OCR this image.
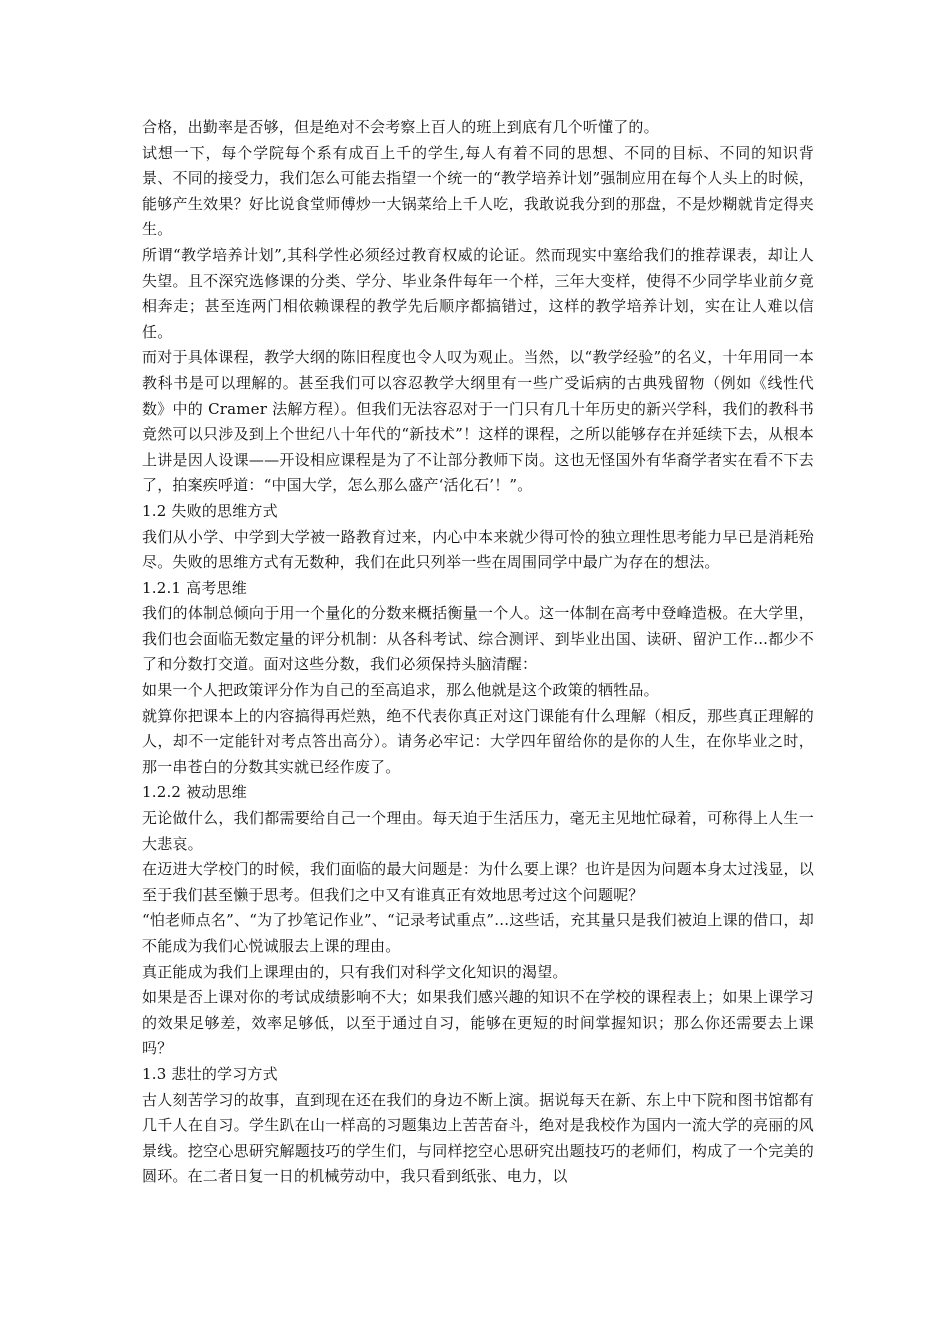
合格，出勤率是否够，但是绝对不会考察上百人的班上到底有几个听懂了的。

试想一下，每个学院每个系有成百上千的学生,每人有着不同的思想、不同的目标、不同的知识背景、不同的接受力，我们怎么可能去指望一个统一的“教学培养计划”强制应用在每个人头上的时候，能够产生效果？好比说食堂师傅炒一大锅菜给上千人吃，我敢说我分到的那盘，不是炒糊就肯定得夹生。

所谓“教学培养计划”,其科学性必须经过教育权威的论证。然而现实中塞给我们的推荐课表，却让人失望。且不深究选修课的分类、学分、毕业条件每年一个样，三年大变样，使得不少同学毕业前夕竟相奔走；甚至连两门相依赖课程的教学先后顺序都搞错过，这样的教学培养计划，实在让人难以信任。

而对于具体课程，教学大纲的陈旧程度也令人叹为观止。当然，以“教学经验”的名义，十年用同一本教科书是可以理解的。甚至我们可以容忍教学大纲里有一些广受诟病的古典残留物（例如《线性代数》中的 Cramer 法解方程）。但我们无法容忍对于一门只有几十年历史的新兴学科，我们的教科书竟然可以只涉及到上个世纪八十年代的“新技术”！这样的课程，之所以能够存在并延续下去，从根本上讲是因人设课——开设相应课程是为了不让部分教师下岗。这也无怪国外有华裔学者实在看不下去了，拍案疾呼道：“中国大学，怎么那么盛产‘活化石’！”。

1.2 失败的思维方式

我们从小学、中学到大学被一路教育过来，内心中本来就少得可怜的独立理性思考能力早已是消耗殆尽。失败的思维方式有无数种，我们在此只列举一些在周围同学中最广为存在的想法。

1.2.1 高考思维

我们的体制总倾向于用一个量化的分数来概括衡量一个人。这一体制在高考中登峰造极。在大学里，我们也会面临无数定量的评分机制：从各科考试、综合测评、到毕业出国、读研、留沪工作...都少不了和分数打交道。面对这些分数，我们必须保持头脑清醒：

如果一个人把政策评分作为自己的至高追求，那么他就是这个政策的牺牲品。

就算你把课本上的内容搞得再烂熟，绝不代表你真正对这门课能有什么理解（相反，那些真正理解的人，却不一定能针对考点答出高分）。请务必牢记：大学四年留给你的是你的人生，在你毕业之时，那一串苍白的分数其实就已经作废了。

1.2.2 被动思维

无论做什么，我们都需要给自己一个理由。每天迫于生活压力，毫无主见地忙碌着，可称得上人生一大悲哀。

在迈进大学校门的时候，我们面临的最大问题是：为什么要上课？也许是因为问题本身太过浅显，以至于我们甚至懒于思考。但我们之中又有谁真正有效地思考过这个问题呢？

“怕老师点名”、“为了抄笔记作业”、“记录考试重点”...这些话，充其量只是我们被迫上课的借口，却不能成为我们心悦诚服去上课的理由。

真正能成为我们上课理由的，只有我们对科学文化知识的渴望。

如果是否上课对你的考试成绩影响不大；如果我们感兴趣的知识不在学校的课程表上；如果上课学习的效果足够差，效率足够低，以至于通过自习，能够在更短的时间掌握知识；那么你还需要去上课吗？

1.3 悲壮的学习方式

古人刻苦学习的故事，直到现在还在我们的身边不断上演。据说每天在新、东上中下院和图书馆都有几千人在自习。学生趴在山一样高的习题集边上苦苦奋斗，绝对是我校作为国内一流大学的亮丽的风景线。挖空心思研究解题技巧的学生们，与同样挖空心思研究出题技巧的老师们，构成了一个完美的圆环。在二者日复一日的机械劳动中，我只看到纸张、电力，以
